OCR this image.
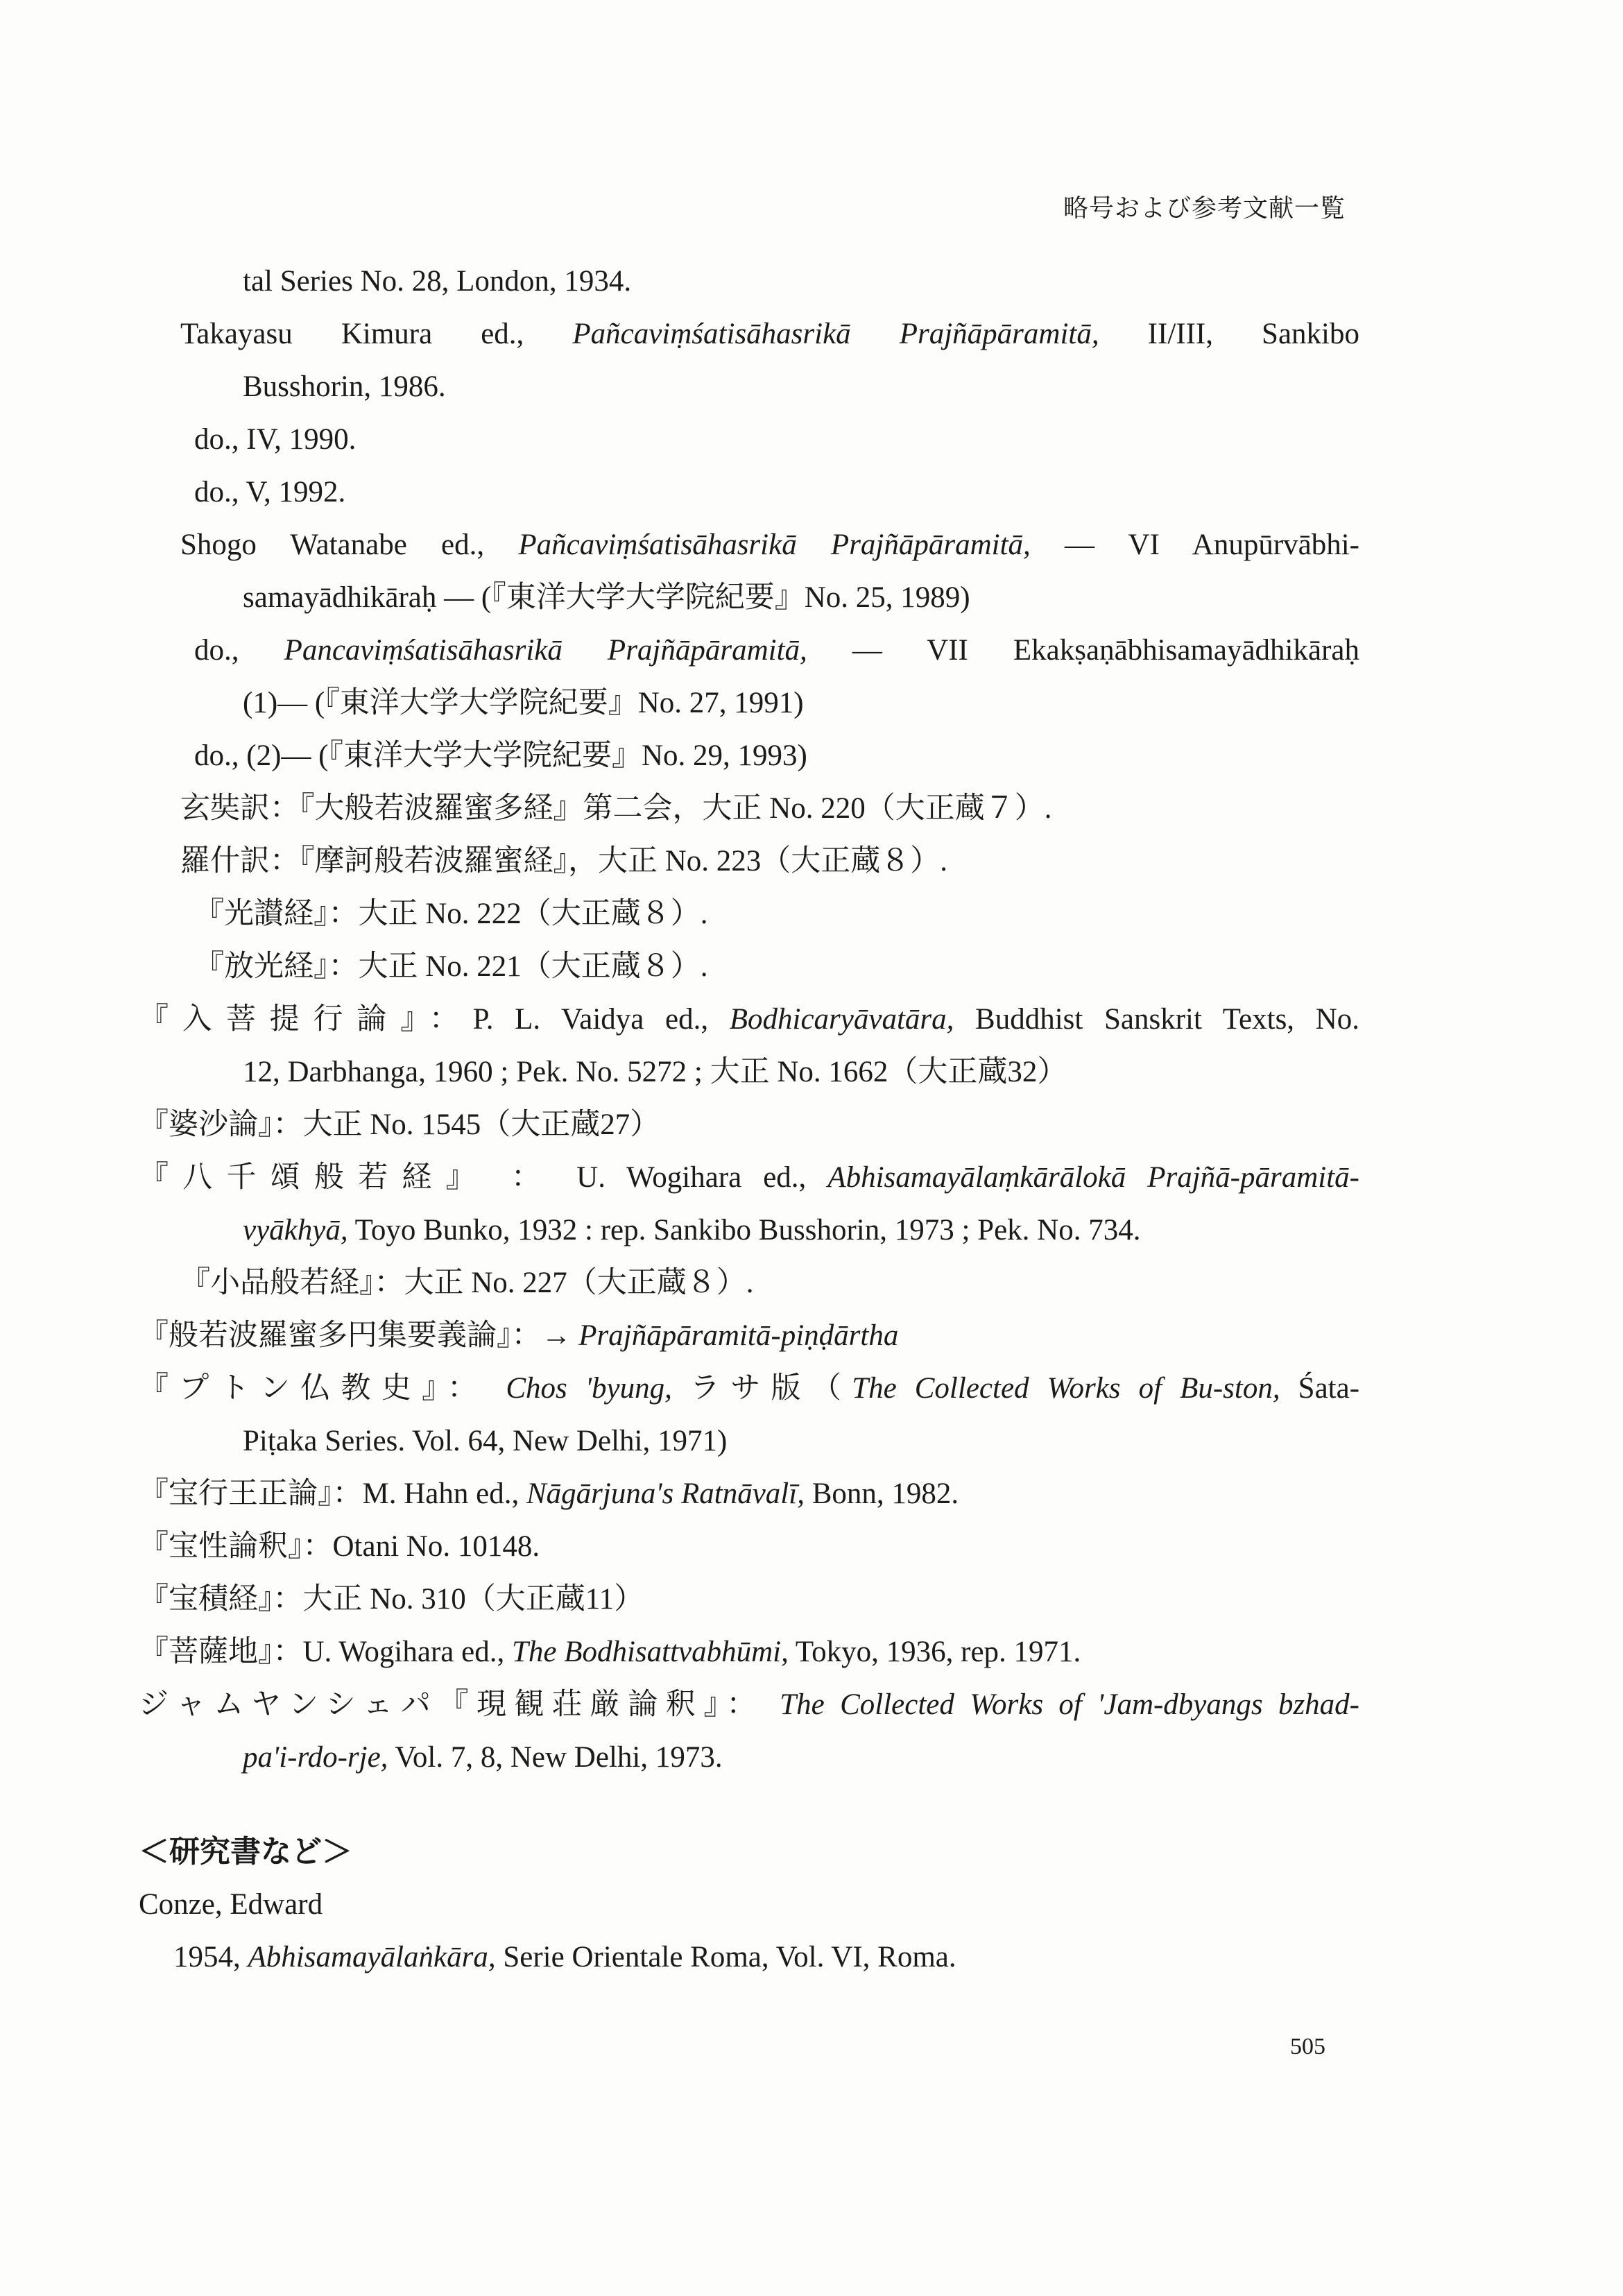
略号および参考文献一覧
tal Series No. 28, London, 1934.
Takayasu Kimura ed., Pañcaviṃśatisāhasrikā Prajñāpāramitā, II/III, Sankibo
Busshorin, 1986.
do., IV, 1990.
do., V, 1992.
Shogo Watanabe ed., Pañcaviṃśatisāhasrikā Prajñāpāramitā, — VI Anupūrvābhi-
samayādhikāraḥ — (『東洋大学大学院紀要』No. 25, 1989)
do., Pancaviṃśatisāhasrikā Prajñāpāramitā, — VII Ekakṣaṇābhisamayādhikāraḥ
(1)— (『東洋大学大学院紀要』No. 27, 1991)
do., (2)— (『東洋大学大学院紀要』No. 29, 1993)
玄奘訳：『大般若波羅蜜多経』第二会，大正 No. 220（大正蔵７）.
羅什訳：『摩訶般若波羅蜜経』，大正 No. 223（大正蔵８）.
『光讃経』：大正 No. 222（大正蔵８）.
『放光経』：大正 No. 221（大正蔵８）.
『入菩提行論』：P. L. Vaidya ed., Bodhicaryāvatāra, Buddhist Sanskrit Texts, No.
12, Darbhanga, 1960 ; Pek. No. 5272 ; 大正 No. 1662（大正蔵32）
『婆沙論』：大正 No. 1545（大正蔵27）
『八千頌般若経』 ： U. Wogihara ed., Abhisamayālaṃkārālokā Prajñā-pāramitā-
vyākhyā, Toyo Bunko, 1932 : rep. Sankibo Busshorin, 1973 ; Pek. No. 734.
『小品般若経』：大正 No. 227（大正蔵８）.
『般若波羅蜜多円集要義論』：→ Prajñāpāramitā-piṇḍārtha
『プトン仏教史』： Chos 'byung, ラサ版（The Collected Works of Bu-ston, Śata-
Piṭaka Series. Vol. 64, New Delhi, 1971)
『宝行王正論』：M. Hahn ed., Nāgārjuna's Ratnāvalī, Bonn, 1982.
『宝性論釈』：Otani No. 10148.
『宝積経』：大正 No. 310（大正蔵11）
『菩薩地』：U. Wogihara ed., The Bodhisattvabhūmi, Tokyo, 1936, rep. 1971.
ジャムヤンシェパ『現観荘厳論釈』： The Collected Works of 'Jam-dbyangs bzhad-
pa'i-rdo-rje, Vol. 7, 8, New Delhi, 1973.
＜研究書など＞
Conze, Edward
1954, Abhisamayālaṅkāra, Serie Orientale Roma, Vol. VI, Roma.
505
